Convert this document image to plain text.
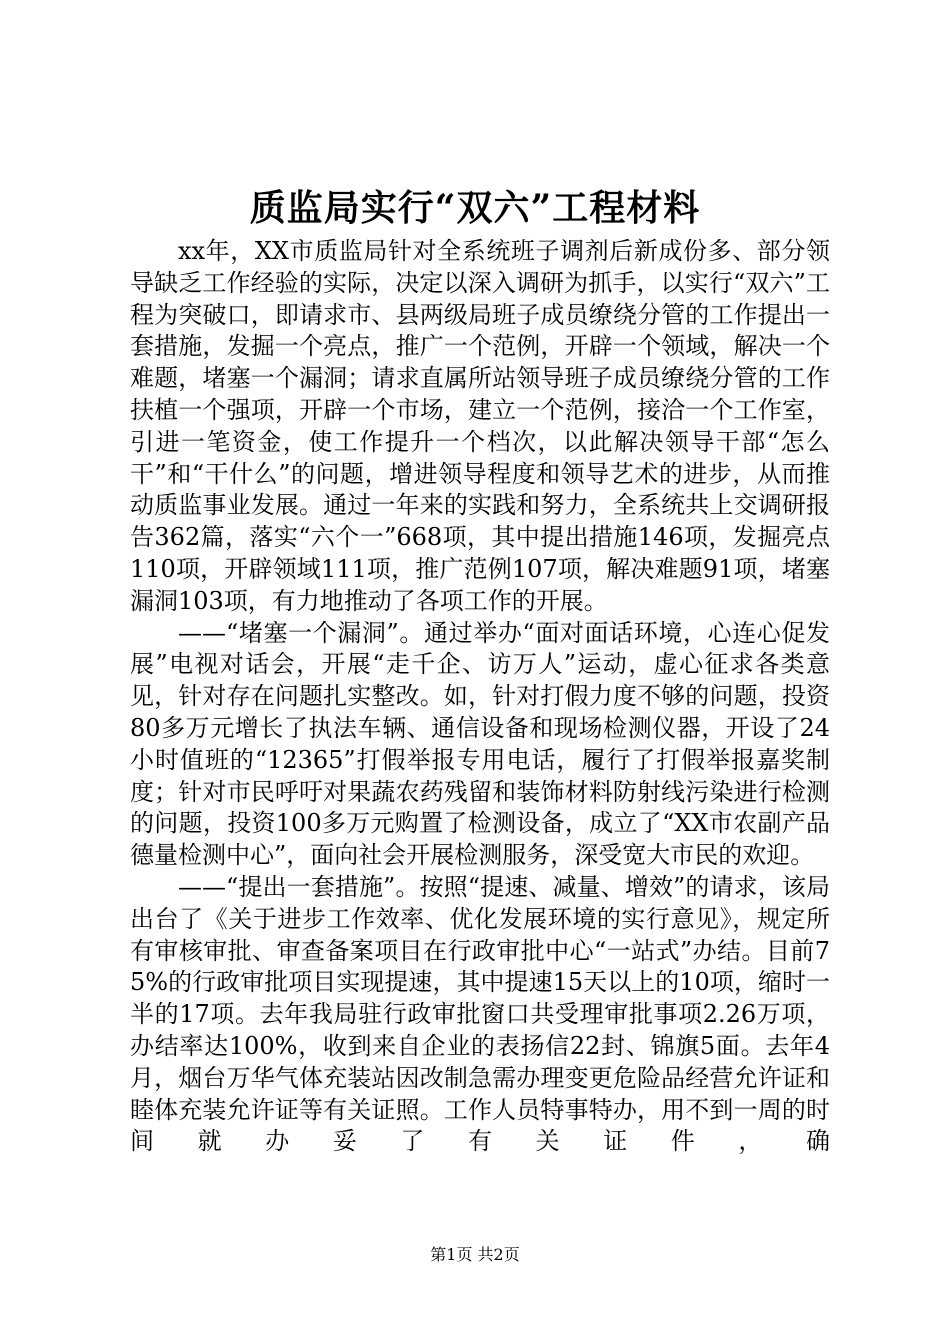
质监局实行“双六”工程材料

xx年，XX市质监局针对全系统班子调剂后新成份多、部分领导缺乏工作经验的实际，决定以深入调研为抓手，以实行“双六”工程为突破口，即请求市、县两级局班子成员缭绕分管的工作提出一套措施，发掘一个亮点，推广一个范例，开辟一个领域，解决一个难题，堵塞一个漏洞；请求直属所站领导班子成员缭绕分管的工作扶植一个强项，开辟一个市场，建立一个范例，接洽一个工作室，引进一笔资金，使工作提升一个档次，以此解决领导干部“怎么干”和“干什么”的问题，增进领导程度和领导艺术的进步，从而推动质监事业发展。通过一年来的实践和努力，全系统共上交调研报告362篇，落实“六个一”668项，其中提出措施146项，发掘亮点110项，开辟领域111项，推广范例107项，解决难题91项，堵塞漏洞103项，有力地推动了各项工作的开展。

——“堵塞一个漏洞”。通过举办“面对面话环境，心连心促发展”电视对话会，开展“走千企、访万人”运动，虚心征求各类意见，针对存在问题扎实整改。如，针对打假力度不够的问题，投资80多万元增长了执法车辆、通信设备和现场检测仪器，开设了24小时值班的“12365”打假举报专用电话，履行了打假举报嘉奖制度；针对市民呼吁对果蔬农药残留和装饰材料防射线污染进行检测的问题，投资100多万元购置了检测设备，成立了“XX市农副产品德量检测中心”，面向社会开展检测服务，深受宽大市民的欢迎。

——“提出一套措施”。按照“提速、减量、增效”的请求，该局出台了《关于进步工作效率、优化发展环境的实行意见》，规定所有审核审批、审查备案项目在行政审批中心“一站式”办结。目前75%的行政审批项目实现提速，其中提速15天以上的10项，缩时一半的17项。去年我局驻行政审批窗口共受理审批事项2.26万项，办结率达100%，收到来自企业的表扬信22封、锦旗5面。去年4月，烟台万华气体充装站因改制急需办理变更危险品经营允许证和睦体充装允许证等有关证照。工作人员特事特办，用不到一周的时间就办妥了有关证件，确

第1页 共2页
